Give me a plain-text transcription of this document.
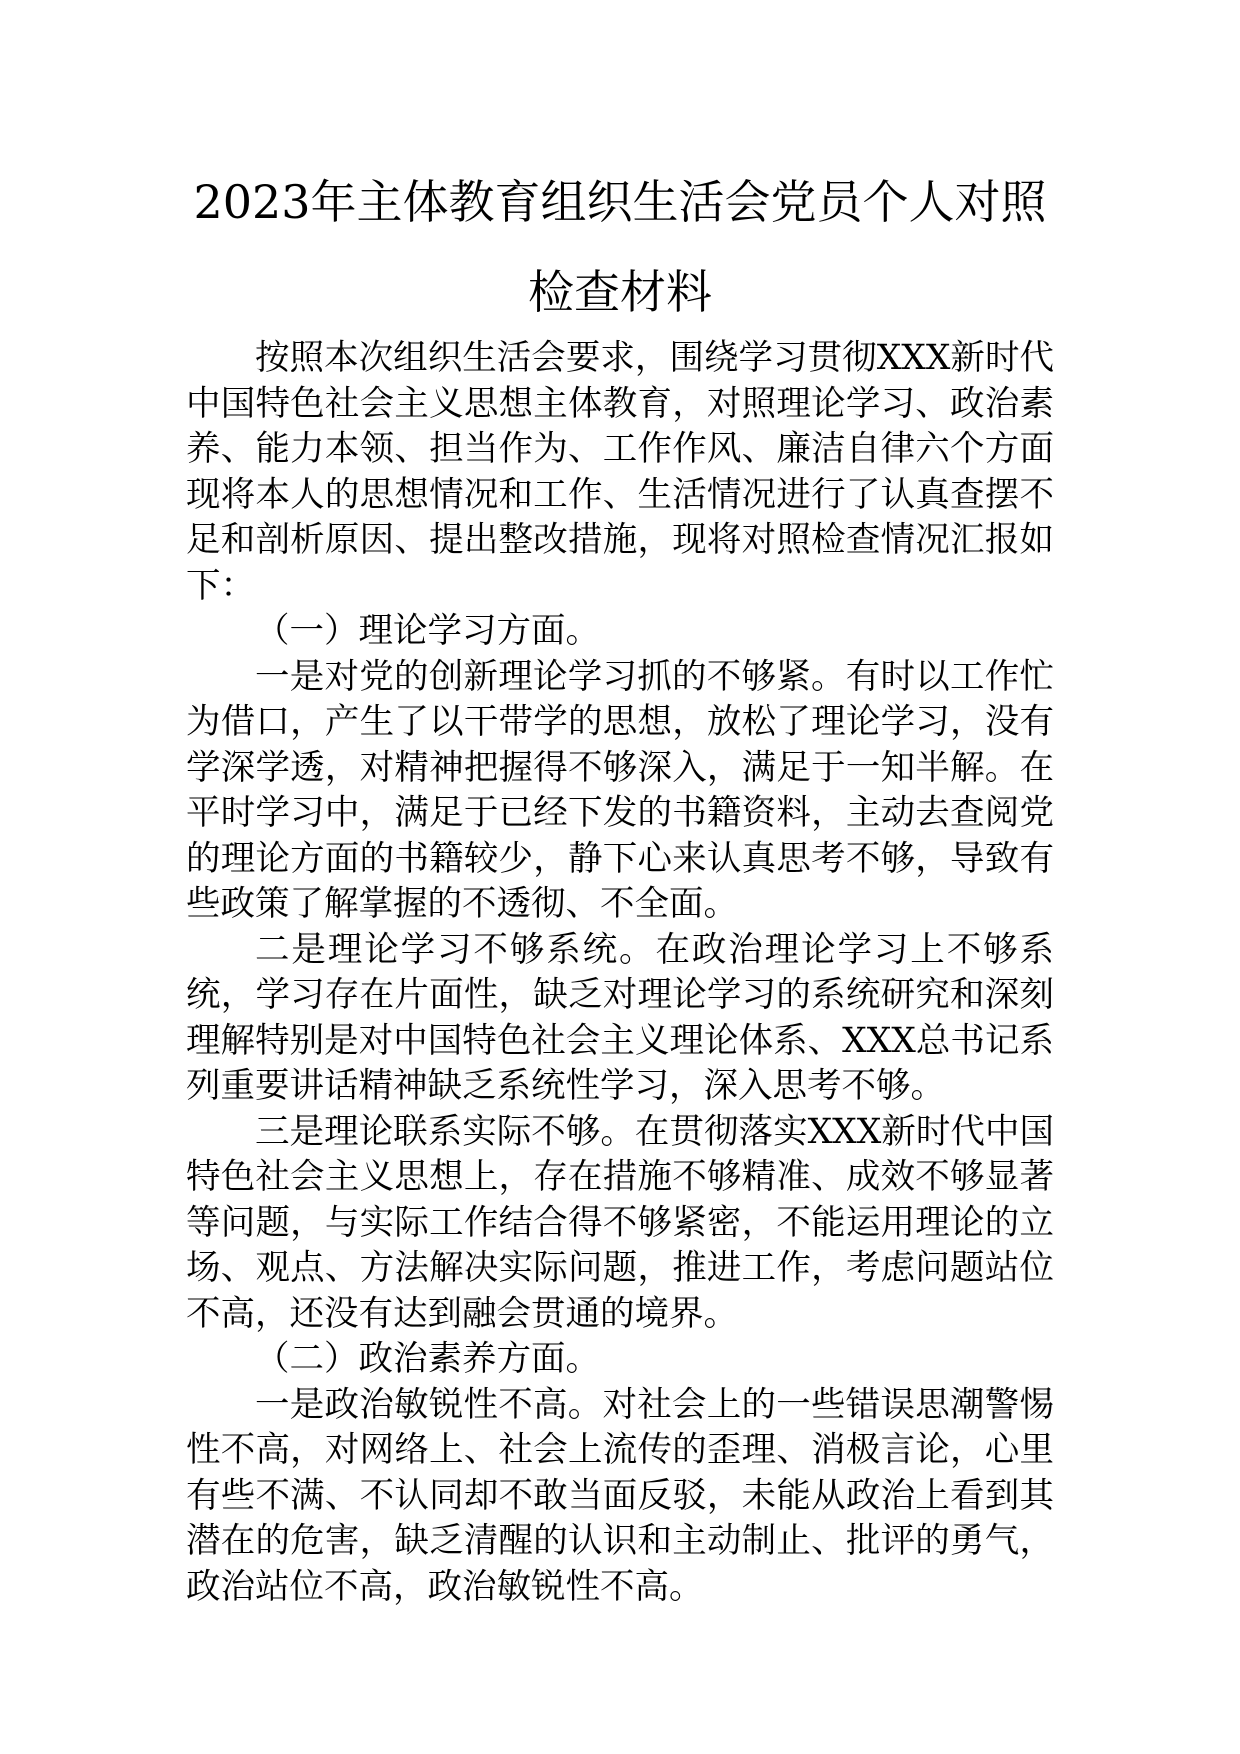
2023年主体教育组织生活会党员个人对照
检查材料

按照本次组织生活会要求，围绕学习贯彻XXX新时代中国特色社会主义思想主体教育，对照理论学习、政治素养、能力本领、担当作为、工作作风、廉洁自律六个方面现将本人的思想情况和工作、生活情况进行了认真查摆不足和剖析原因、提出整改措施，现将对照检查情况汇报如下：

（一）理论学习方面。

一是对党的创新理论学习抓的不够紧。有时以工作忙为借口，产生了以干带学的思想，放松了理论学习，没有学深学透，对精神把握得不够深入，满足于一知半解。在平时学习中，满足于已经下发的书籍资料，主动去查阅党的理论方面的书籍较少，静下心来认真思考不够，导致有些政策了解掌握的不透彻、不全面。

二是理论学习不够系统。在政治理论学习上不够系统，学习存在片面性，缺乏对理论学习的系统研究和深刻理解特别是对中国特色社会主义理论体系、XXX总书记系列重要讲话精神缺乏系统性学习，深入思考不够。

三是理论联系实际不够。在贯彻落实XXX新时代中国特色社会主义思想上，存在措施不够精准、成效不够显著等问题，与实际工作结合得不够紧密，不能运用理论的立场、观点、方法解决实际问题，推进工作，考虑问题站位不高，还没有达到融会贯通的境界。

（二）政治素养方面。

一是政治敏锐性不高。对社会上的一些错误思潮警惕性不高，对网络上、社会上流传的歪理、消极言论，心里有些不满、不认同却不敢当面反驳，未能从政治上看到其潜在的危害，缺乏清醒的认识和主动制止、批评的勇气，政治站位不高，政治敏锐性不高。
